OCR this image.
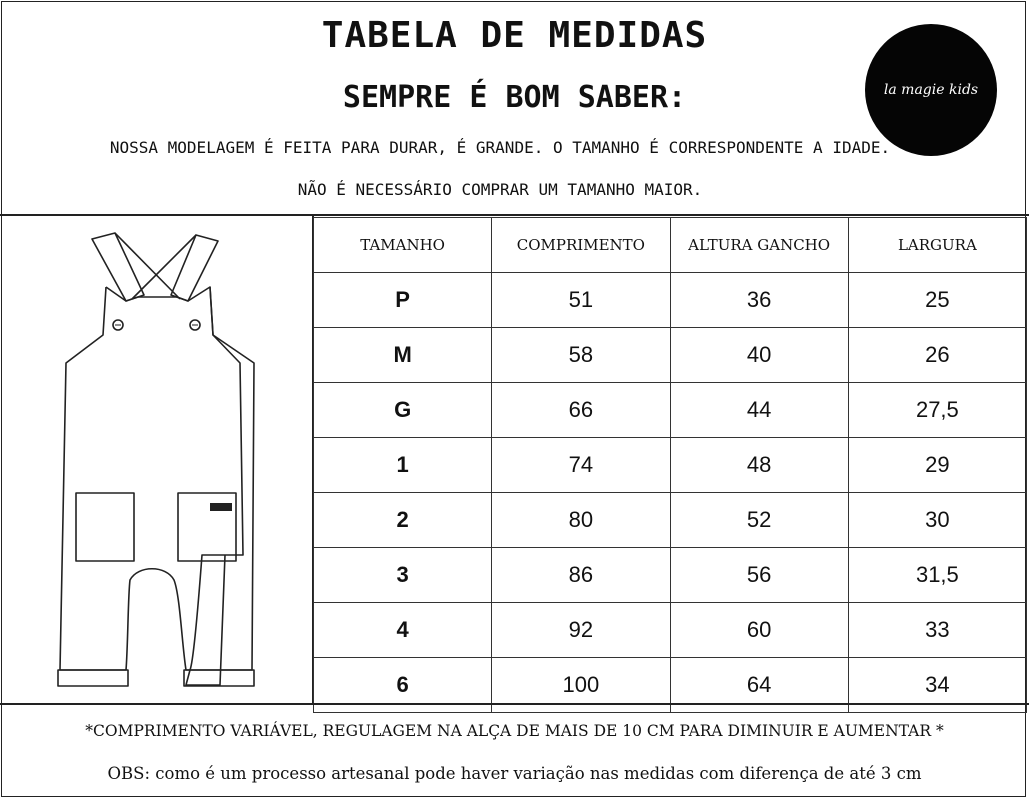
TABELA DE MEDIDAS
SEMPRE É BOM SABER:
NOSSA MODELAGEM É FEITA PARA DURAR, É GRANDE. O TAMANHO É CORRESPONDENTE A IDADE.
NÃO É NECESSÁRIO COMPRAR UM TAMANHO MAIOR.
la magie kids
TAMANHO	COMPRIMENTO	ALTURA GANCHO	LARGURA
P	51	36	25
M	58	40	26
G	66	44	27,5
1	74	48	29
2	80	52	30
3	86	56	31,5
4	92	60	33
6	100	64	34
*COMPRIMENTO VARIÁVEL, REGULAGEM NA ALÇA DE MAIS DE 10 CM PARA DIMINUIR E AUMENTAR *
OBS: como é um processo artesanal pode haver variação nas medidas com diferença de até 3 cm
